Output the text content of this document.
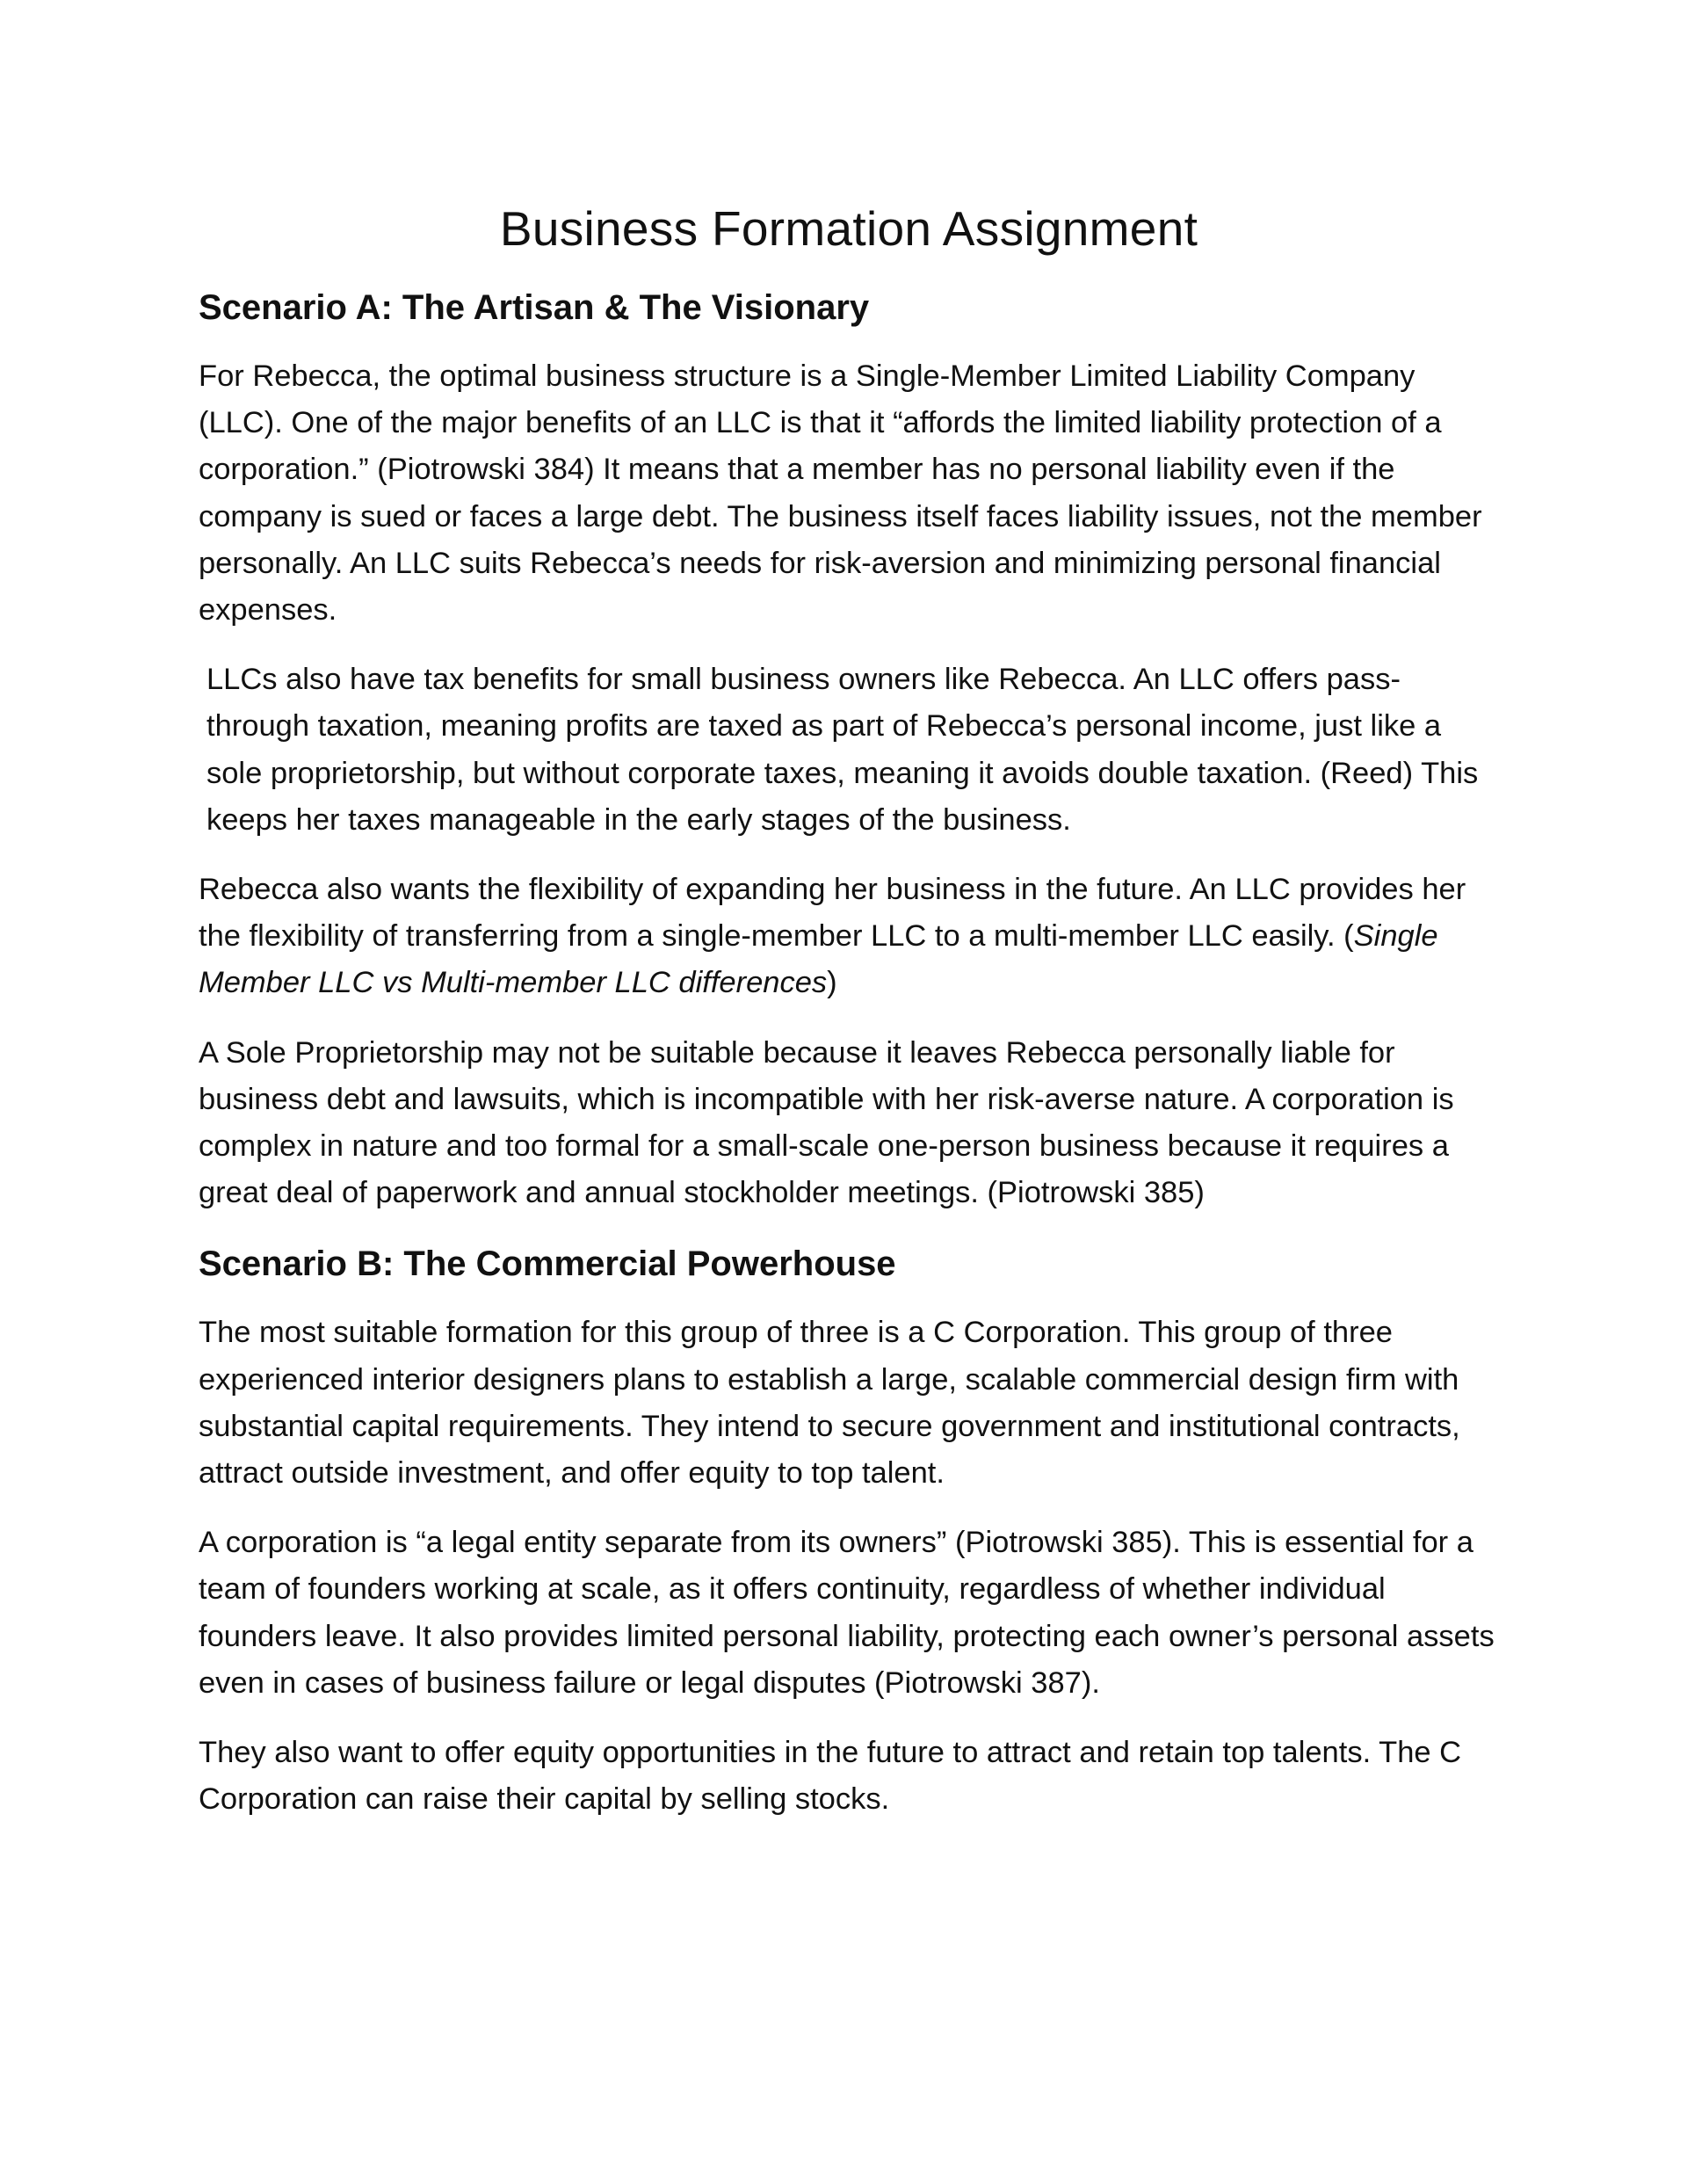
Business Formation Assignment
Scenario A: The Artisan & The Visionary

For Rebecca, the optimal business structure is a Single-Member Limited Liability Company (LLC). One of the major benefits of an LLC is that it “affords the limited liability protection of a corporation.” (Piotrowski 384) It means that a member has no personal liability even if the company is sued or faces a large debt. The business itself faces liability issues, not the member personally. An LLC suits Rebecca’s needs for risk-aversion and minimizing personal financial expenses.

LLCs also have tax benefits for small business owners like Rebecca. An LLC offers pass-through taxation, meaning profits are taxed as part of Rebecca’s personal income, just like a sole proprietorship, but without corporate taxes, meaning it avoids double taxation. (Reed) This keeps her taxes manageable in the early stages of the business.

Rebecca also wants the flexibility of expanding her business in the future. An LLC provides her the flexibility of transferring from a single-member LLC to a multi-member LLC easily. (Single Member LLC vs Multi-member LLC differences)

A Sole Proprietorship may not be suitable because it leaves Rebecca personally liable for business debt and lawsuits, which is incompatible with her risk-averse nature. A corporation is complex in nature and too formal for a small-scale one-person business because it requires a great deal of paperwork and annual stockholder meetings. (Piotrowski 385)

Scenario B: The Commercial Powerhouse

The most suitable formation for this group of three is a C Corporation. This group of three experienced interior designers plans to establish a large, scalable commercial design firm with substantial capital requirements. They intend to secure government and institutional contracts, attract outside investment, and offer equity to top talent.

A corporation is “a legal entity separate from its owners” (Piotrowski 385). This is essential for a team of founders working at scale, as it offers continuity, regardless of whether individual founders leave. It also provides limited personal liability, protecting each owner’s personal assets even in cases of business failure or legal disputes (Piotrowski 387).

They also want to offer equity opportunities in the future to attract and retain top talents. The C Corporation can raise their capital by selling stocks.
